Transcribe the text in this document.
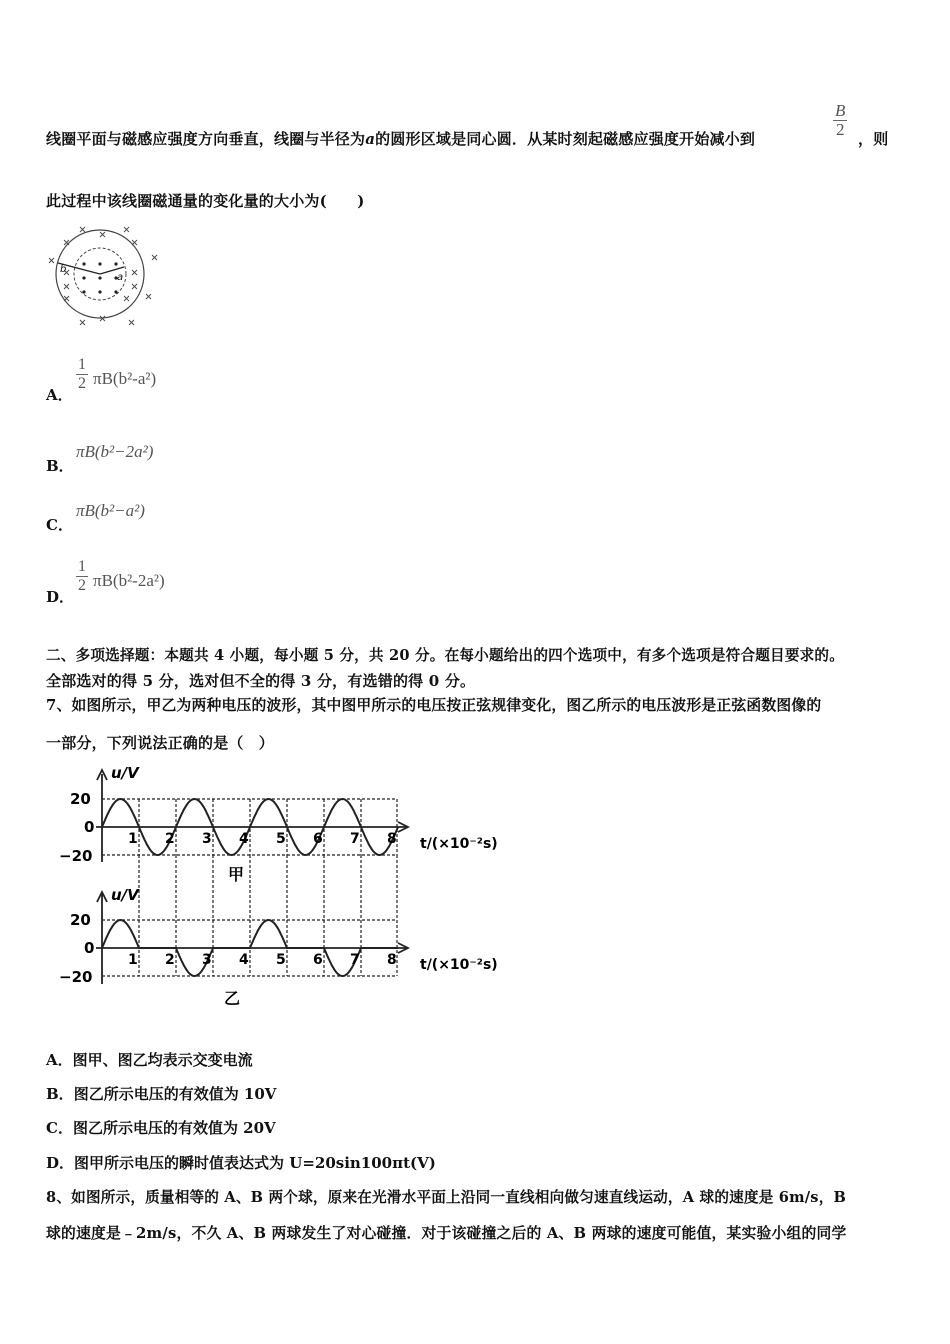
线圈平面与磁感应强度方向垂直，线圈与半径为a的圆形区域是同心圆．从某时刻起磁感应强度开始减小到	$\frac{B}{2}$ ，则
此过程中该线圈磁通量的变化量的大小为(　　)
b
a
A．
$\frac{1}{2} \pi B(b^2-a^2)$
B．
πB(b²−2a²)
C．
πB(b²−a²)
D．
$\frac{1}{2} \pi B(b^2-2a^2)$
二、多项选择题：本题共 4 小题，每小题 5 分，共 20 分。在每小题给出的四个选项中，有多个选项是符合题目要求的。
全部选对的得 5 分，选对但不全的得 3 分，有选错的得 0 分。
7、如图所示，甲乙为两种电压的波形，其中图甲所示的电压按正弦规律变化，图乙所示的电压波形是正弦函数图像的
一部分，下列说法正确的是（　）
u/V
20
0
−20
1 2 3 4 5 6 7 8 t/(×10⁻²s)
甲
u/V
20
0
−20
1 2 3 4 5 6 7 8 t/(×10⁻²s)
乙
A．图甲、图乙均表示交变电流
B．图乙所示电压的有效值为 10V
C．图乙所示电压的有效值为 20V
D．图甲所示电压的瞬时值表达式为 U=20sin100πt(V)
8、如图所示，质量相等的 A、B 两个球，原来在光滑水平面上沿同一直线相向做匀速直线运动，A 球的速度是 6m/s，B
球的速度是﹣2m/s，不久 A、B 两球发生了对心碰撞．对于该碰撞之后的 A、B 两球的速度可能值，某实验小组的同学
